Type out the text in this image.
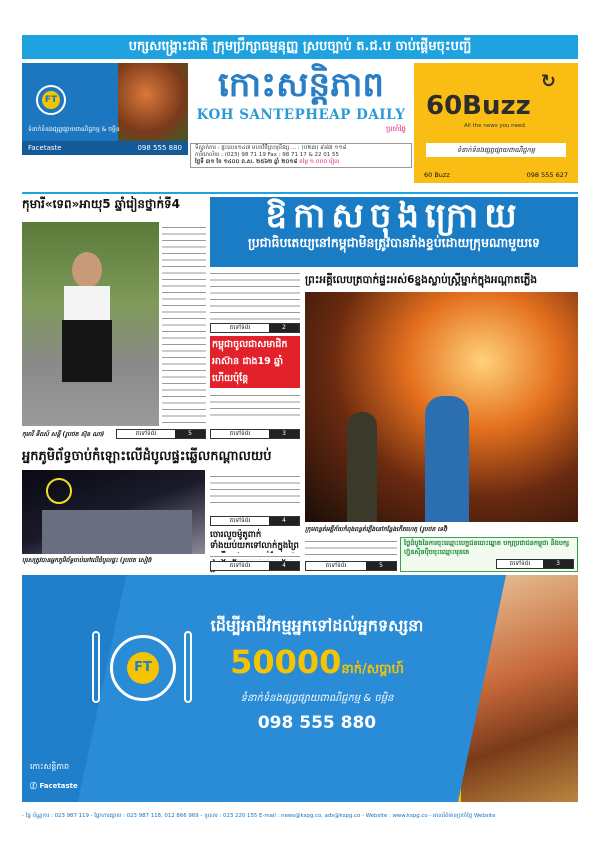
បក្សសង្គ្រោះជាតិ ក្រុមប្រឹក្សាធម្មនុញ្ញ ស្របច្បាប់ ត.ជ.ប ចាប់ផ្តើមចុះបញ្ជី
FT
ទំនាក់ទំនងផ្សព្វផ្សាយពាណិជ្ជកម្ម & ចម្អិន
Facetaste	098 555 880
កោះសន្តិភាព
KOH SANTEPHEAP DAILY
ប្រចាំថ្ងៃ
ទីស្នាក់ការ : ផ្ទះលេខ១៤៧ មហាវិថីព្រះមុនីវង្ស ... : (០២៣) ៩៨៧ ១១៨
ការិយាល័យ : (023) 98 71 19 Fax : 98 71 17 & 22 01 55
ថ្ងៃទី ៣១ ខែ ១៤០០ ព.ស. ២៥៦២ ឆ្នាំ ២០១៨ តម្លៃ ១.០០០ រៀល
↻
60Buzz
All the news you need.
ទំនាក់ទំនងផ្សព្វផ្សាយពាណិជ្ជកម្ម
60 Buzz	098 555 627
កុមារី«ទេព»អាយុ5 ឆ្នាំរៀនថ្នាក់ទី4
កុមារី ទីពស៍ សន្តី (រូបថត ស៊ុន ណា)	តទៅទំព័រ	5
អ្នកភូមិព័ទ្ធចាប់កំឡោះលើដំបូលផ្ទះឆ្លើលកណ្តាលយប់
បុរសត្រូវបានអ្នកភូមិព័ទ្ធចាប់នៅលើដំបូលផ្ទះ (រូបថត សៀវ)
តទៅទំព័រ	4
ឱកាសចុងក្រោយ
ប្រជាធិបតេយ្យនៅកម្ពុជាមិនត្រូវបានរាំងខ្ទប់ដោយក្រុមណាមួយទេ
តទៅទំព័រ	2
កម្ពុជាចូលជាសមាជិកអាស៊ាន ជាង19 ឆ្នាំហើយប៉ុន្តែ
តទៅទំព័រ	3
ព្រះអគ្គីលេបត្របាក់ផ្ទះអស់6ខ្នងស្លាប់ស្ត្រីម្នាក់ក្នុងអណ្តាតភ្លើង
ក្រុមពន្លត់អគ្គីភ័យកំពុងពន្លត់ភ្លើងនៅកន្លែងកើតហេតុ (រូបថត ទេវី)
ចោរលួចម៉ូតូពាក់ទាំងយប់យកទៅលាក់ក្នុងព្រៃ
តទៅទំព័រ	4	តទៅទំព័រ	5
ថ្ងៃដំបូងនៃការចុះឈ្មោះបេក្ខជនបោះឆ្នោត បក្សប្រជាជនកម្ពុជា និងបក្សហ្វ៊ុនស៊ិនប៉ិចចុះឈ្មោះមុនគេ
តទៅទំព័រ	3
FT
ដើម្បីអាជីវកម្មអ្នកទៅដល់អ្នកទស្សនា
50000នាក់/សប្តាហ៍
ទំនាក់ទំនងផ្សព្វផ្សាយពាណិជ្ជកម្ម & ចម្អិន
098 555 880
កោះសន្តិភាព
ⓕ Facetaste
- ផ្ទៃ ប័ណ្ណការ : 023 987 119 - ផ្នែកការផ្សាយ : 023 987 118, 012 866 969 - ទូរសារ : 023 220 155 E-mail : news@kspg.co, ads@kspg.co - Website : www.kspg.co - អានព័ត៌មានប្រចាំថ្ងៃ Website
